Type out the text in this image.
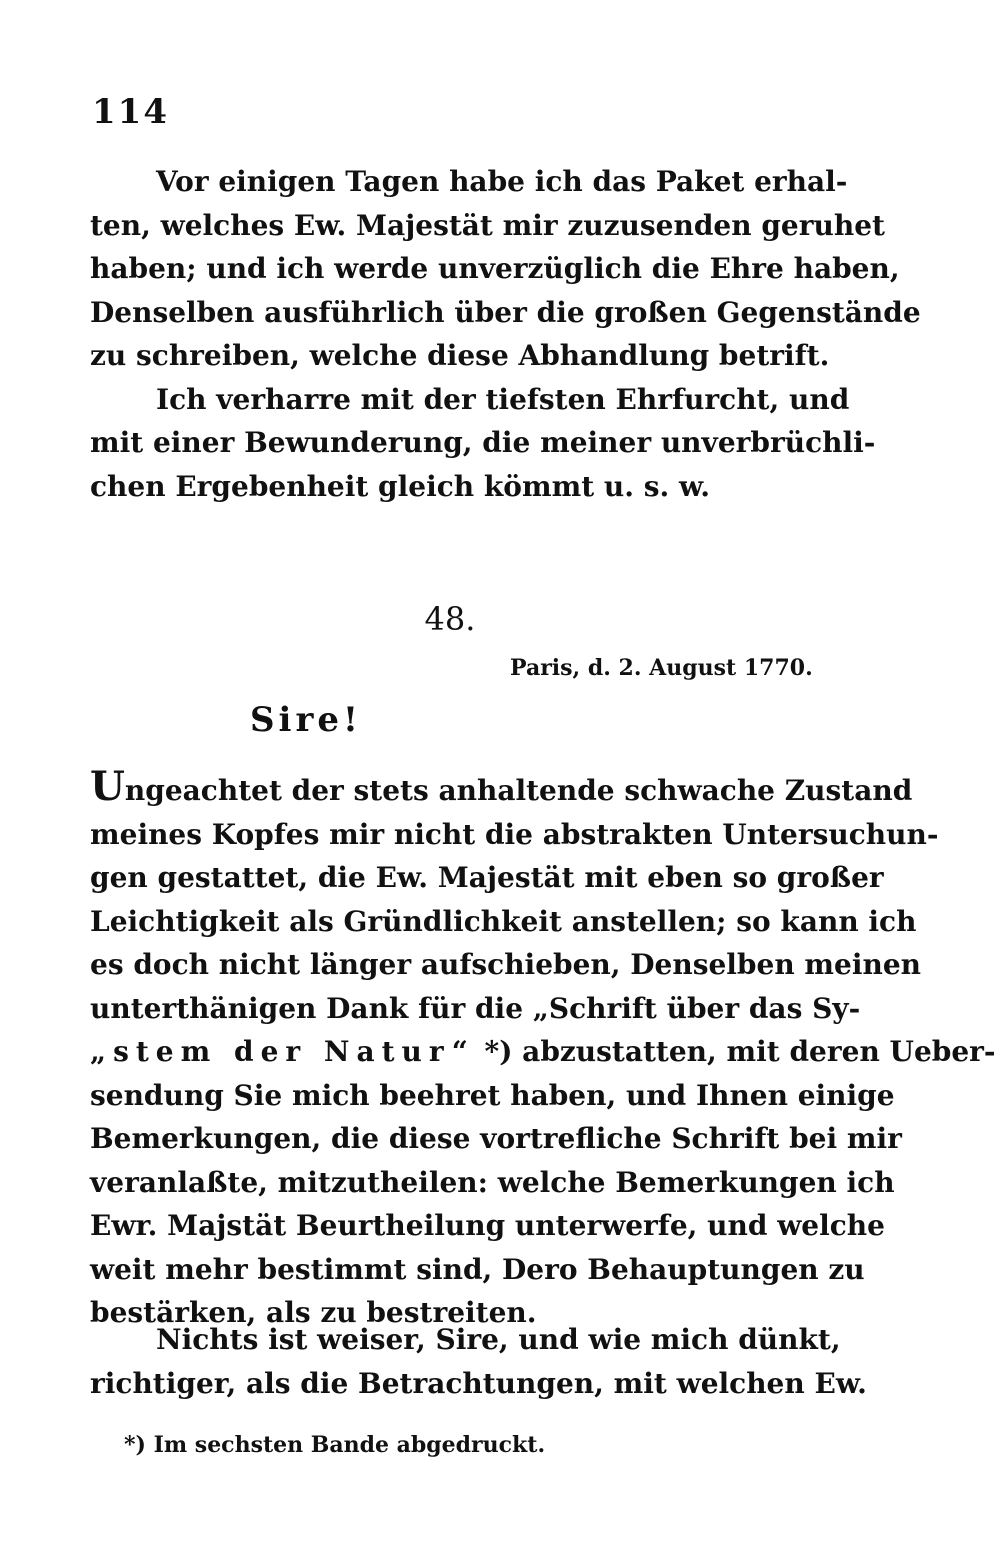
114
Vor einigen Tagen habe ich das Paket erhal-
ten, welches Ew. Majestät mir zuzusenden geruhet
haben; und ich werde unverzüglich die Ehre haben,
Denselben ausführlich über die großen Gegenstände
zu schreiben, welche diese Abhandlung betrift.
Ich verharre mit der tiefsten Ehrfurcht, und
mit einer Bewunderung, die meiner unverbrüchli-
chen Ergebenheit gleich kömmt u. s. w.
48.
Paris, d. 2. August 1770.
Sire!
Ungeachtet der stets anhaltende schwache Zustand
meines Kopfes mir nicht die abstrakten Untersuchun-
gen gestattet, die Ew. Majestät mit eben so großer
Leichtigkeit als Gründlichkeit anstellen; so kann ich
es doch nicht länger aufschieben, Denselben meinen
unterthänigen Dank für die „Schrift über das Sy-
„stem der Natur“ *) abzustatten, mit deren Ueber-
sendung Sie mich beehret haben, und Ihnen einige
Bemerkungen, die diese vortrefliche Schrift bei mir
veranlaßte, mitzutheilen: welche Bemerkungen ich
Ewr. Majstät Beurtheilung unterwerfe, und welche
weit mehr bestimmt sind, Dero Behauptungen zu
bestärken, als zu bestreiten.
Nichts ist weiser, Sire, und wie mich dünkt,
richtiger, als die Betrachtungen, mit welchen Ew.
*) Im sechsten Bande abgedruckt.
